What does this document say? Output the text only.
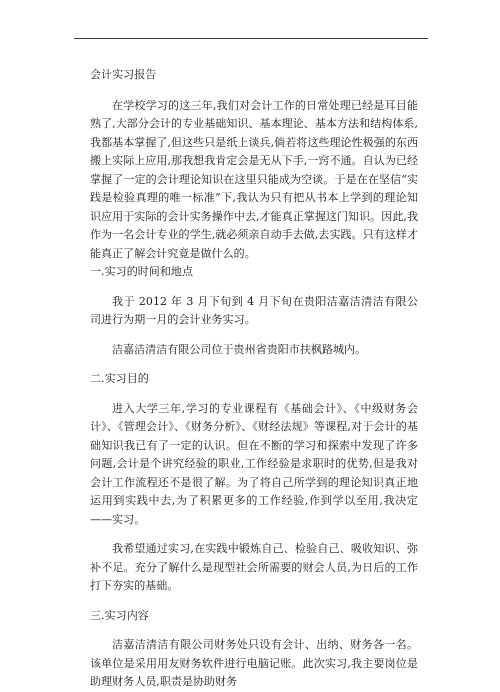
会计实习报告

在学校学习的这三年,我们对会计工作的日常处理已经是耳目能熟了,大部分会计的专业基础知识、基本理论、基本方法和结构体系,我都基本掌握了,但这些只是纸上谈兵,倘若将这些理论性极强的东西搬上实际上应用,那我想我肯定会是无从下手,一窍不通。自认为已经掌握了一定的会计理论知识在这里只能成为空谈。于是在在坚信“实践是检验真理的唯一标准”下,我认为只有把从书本上学到的理论知识应用于实际的会计实务操作中去,才能真正掌握这门知识。因此,我作为一名会计专业的学生,就必须亲自动手去做,去实践。只有这样才能真正了解会计究竟是做什么的。

一.实习的时间和地点

我于 2012 年 3 月下旬到 4 月下旬在贵阳洁嘉洁清洁有限公司进行为期一月的会计业务实习。

洁嘉洁清洁有限公司位于贵州省贵阳市扶枫路城内。

二.实习目的

进入大学三年,学习的专业课程有《基础会计》、《中级财务会计》、《管理会计》、《财务分析》、《财经法规》等课程,对于会计的基础知识我已有了一定的认识。但在不断的学习和探索中发现了许多问题,会计是个讲究经验的职业,工作经验是求职时的优势,但是我对会计工作流程还不是很了解。为了将自己所学到的理论知识真正地运用到实践中去,为了积累更多的工作经验,作到学以至用,我决定——实习。

我希望通过实习,在实践中锻炼自己、检验自己、吸收知识、弥补不足。充分了解什么是现型社会所需要的财会人员,为日后的工作打下夯实的基础。

三.实习内容

洁嘉洁清洁有限公司财务处只设有会计、出纳、财务各一名。该单位是采用用友财务软件进行电脑记账。此次实习,我主要岗位是助理财务人员,职责是协助财务
